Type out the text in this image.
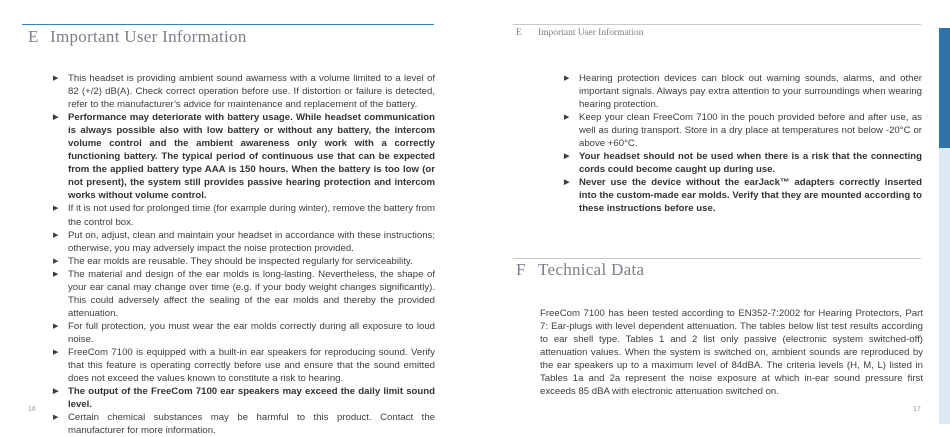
E Important User Information
▶ This headset is providing ambient sound awarness with a volume limited to a level of 82 (+/2) dB(A). Check correct operation before use. If distortion or failure is detected, refer to the manufacturer’s advice for maintenance and replacement of the battery.
▶ Performance may deteriorate with battery usage. While headset communication is always possible also with low battery or without any battery, the intercom volume control and the ambient awareness only work with a correctly functioning battery. The typical period of continuous use that can be expected from the applied battery type AAA is 150 hours. When the battery is too low (or not present), the system still provides passive hearing protection and intercom works without volume control.
▶ If it is not used for prolonged time (for example during winter), remove the battery from the control box.
▶ Put on, adjust, clean and maintain your headset in accordance with these instructions; otherwise, you may adversely impact the noise protection provided.
▶ The ear molds are reusable. They should be inspected regularly for serviceability.
▶ The material and design of the ear molds is long-lasting. Nevertheless, the shape of your ear canal may change over time (e.g. if your body weight changes significantly). This could adversely affect the sealing of the ear molds and thereby the provided attenuation.
▶ For full protection, you must wear the ear molds correctly during all exposure to loud noise.
▶ FreeCom 7100 is equipped with a built-in ear speakers for reproducing sound. Verify that this feature is operating correctly before use and ensure that the sound emitted does not exceed the values known to constitute a risk to hearing.
▶ The output of the FreeCom 7100 ear speakers may exceed the daily limit sound level.
▶ Certain chemical substances may be harmful to this product. Contact the manufacturer for more information.
16
E Important User Information
▶ Hearing protection devices can block out warning sounds, alarms, and other important signals. Always pay extra attention to your surroundings when wearing hearing protection.
▶ Keep your clean FreeCom 7100 in the pouch provided before and after use, as well as during transport. Store in a dry place at temperatures not below -20°C or above +60°C.
▶ Your headset should not be used when there is a risk that the connecting cords could become caught up during use.
▶ Never use the device without the earJack™ adapters correctly inserted into the custom-made ear molds. Verify that they are mounted according to these instructions before use.
F Technical Data

FreeCom 7100 has been tested according to EN352-7:2002 for Hearing Protectors, Part 7: Ear-plugs with level dependent attenuation. The tables below list test results according to ear shell type. Tables 1 and 2 list only passive (electronic system switched-off) attenuation values. When the system is switched on, ambient sounds are reproduced by the ear speakers up to a maximum level of 84dBA. The criteria levels (H, M, L) listed in Tables 1a and 2a represent the noise exposure at which in-ear sound pressure first exceeds 85 dBA with electronic attenuation switched on.

17
